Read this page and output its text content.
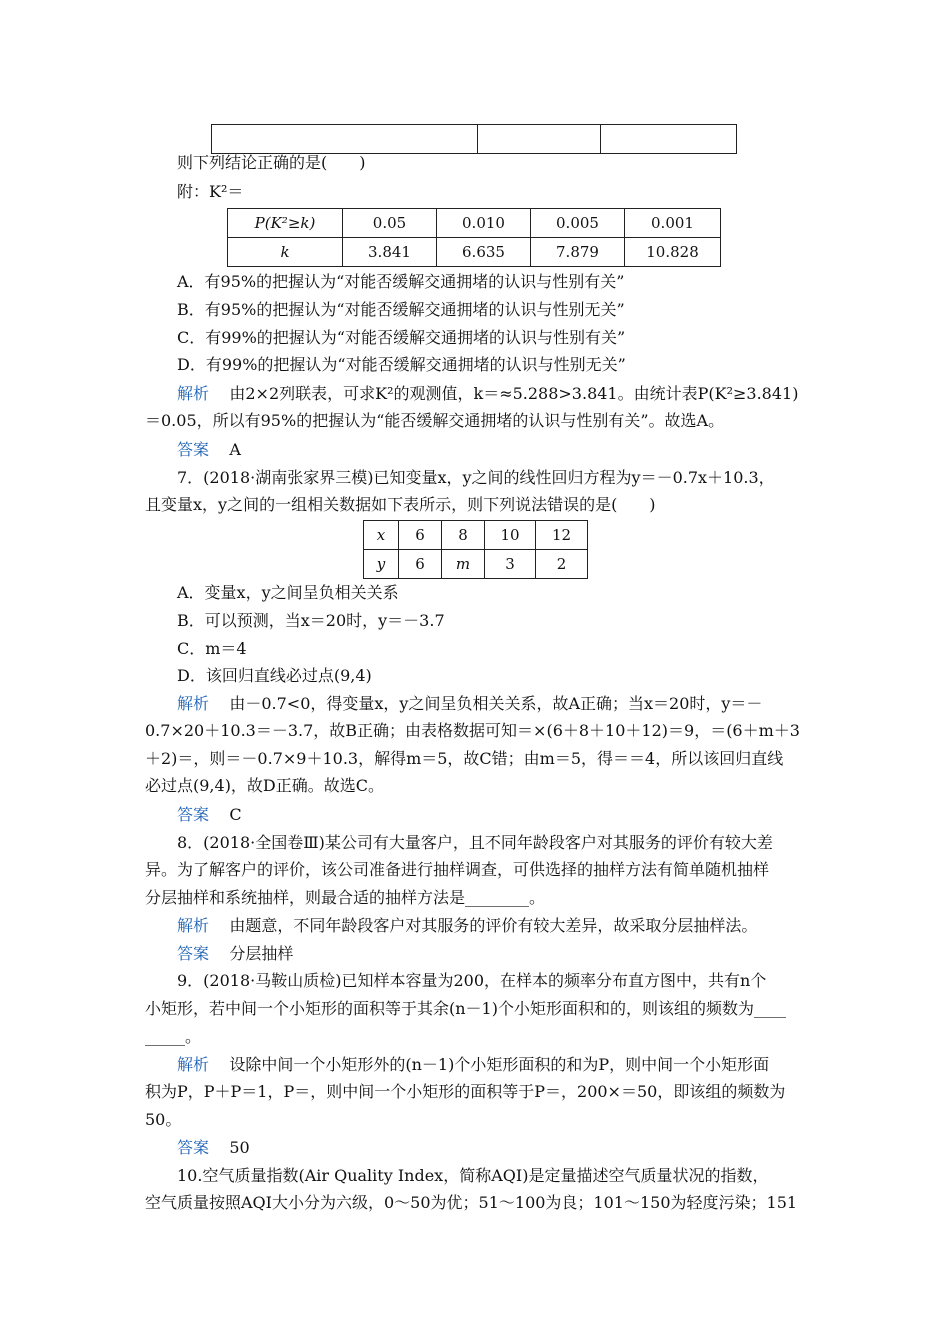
则下列结论正确的是(　　)
附：K²＝
P(K²≥k)	0.05	0.010	0.005	0.001
k	3.841	6.635	7.879	10.828
A．有95%的把握认为“对能否缓解交通拥堵的认识与性别有关”
B．有95%的把握认为“对能否缓解交通拥堵的认识与性别无关”
C．有99%的把握认为“对能否缓解交通拥堵的认识与性别有关”
D．有99%的把握认为“对能否缓解交通拥堵的认识与性别无关”
解析 由2×2列联表，可求K²的观测值，k＝≈5.288>3.841。由统计表P(K²≥3.841)
＝0.05，所以有95%的把握认为“能否缓解交通拥堵的认识与性别有关”。故选A。
答案 A
7．(2018·湖南张家界三模)已知变量x，y之间的线性回归方程为y＝－0.7x＋10.3，
且变量x，y之间的一组相关数据如下表所示，则下列说法错误的是(　　)
x	6	8	10	12
y	6	m	3	2
A．变量x，y之间呈负相关关系
B．可以预测，当x＝20时，y＝－3.7
C．m＝4
D．该回归直线必过点(9,4)
解析 由－0.7<0，得变量x，y之间呈负相关关系，故A正确；当x＝20时，y＝－
0.7×20＋10.3＝－3.7，故B正确；由表格数据可知＝×(6＋8＋10＋12)＝9，＝(6＋m＋3
＋2)＝，则＝－0.7×9＋10.3，解得m＝5，故C错；由m＝5，得＝＝4，所以该回归直线
必过点(9,4)，故D正确。故选C。
答案 C
8．(2018·全国卷Ⅲ)某公司有大量客户，且不同年龄段客户对其服务的评价有较大差
异。为了解客户的评价，该公司准备进行抽样调查，可供选择的抽样方法有简单随机抽样
分层抽样和系统抽样，则最合适的抽样方法是________。
解析 由题意，不同年龄段客户对其服务的评价有较大差异，故采取分层抽样法。
答案 分层抽样
9．(2018·马鞍山质检)已知样本容量为200，在样本的频率分布直方图中，共有n个
小矩形，若中间一个小矩形的面积等于其余(n－1)个小矩形面积和的，则该组的频数为____
_____。
解析 设除中间一个小矩形外的(n－1)个小矩形面积的和为P，则中间一个小矩形面
积为P，P＋P＝1，P＝，则中间一个小矩形的面积等于P＝，200×＝50，即该组的频数为
50。
答案 50
10.空气质量指数(Air Quality Index，简称AQI)是定量描述空气质量状况的指数，
空气质量按照AQI大小分为六级，0～50为优；51～100为良；101～150为轻度污染；151
